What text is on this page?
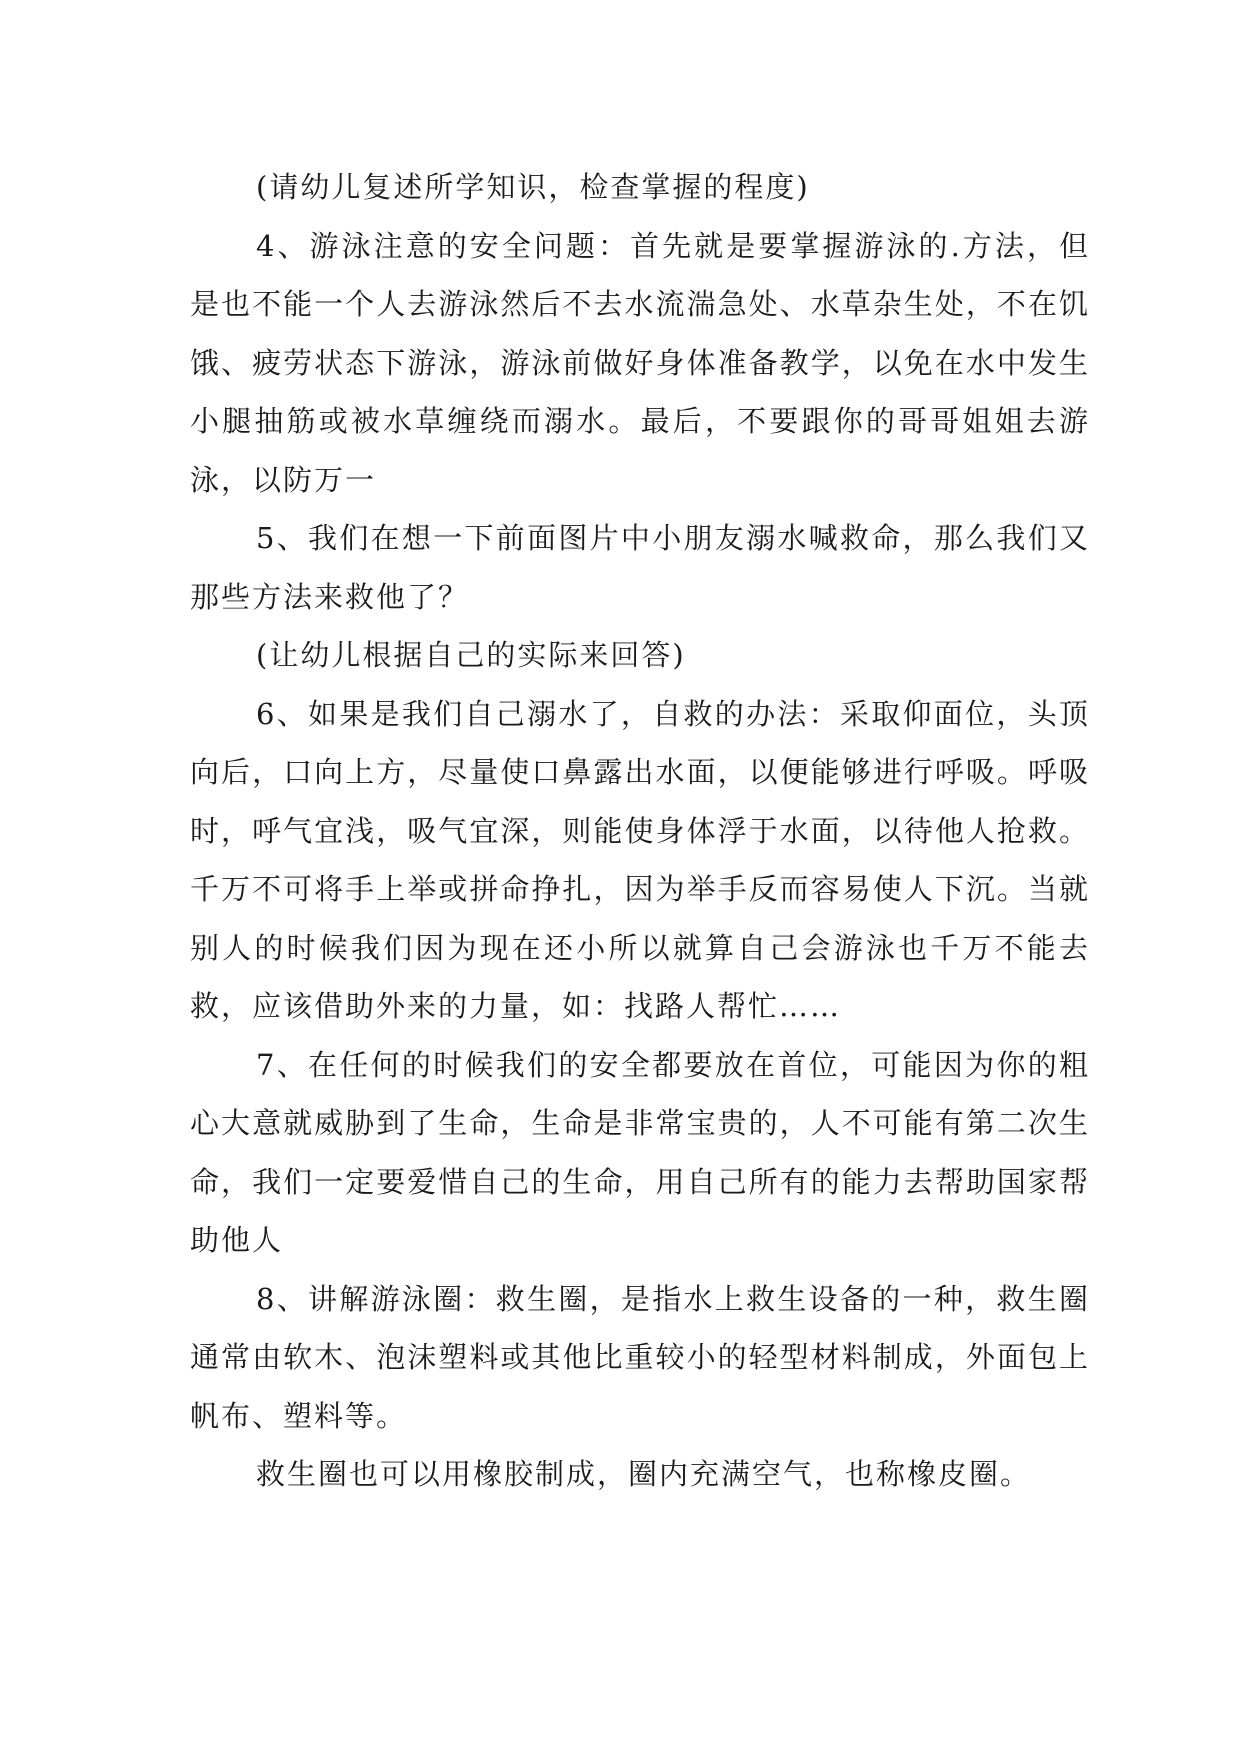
(请幼儿复述所学知识，检查掌握的程度)

4、游泳注意的安全问题：首先就是要掌握游泳的.方法，但是也不能一个人去游泳然后不去水流湍急处、水草杂生处，不在饥饿、疲劳状态下游泳，游泳前做好身体准备教学，以免在水中发生小腿抽筋或被水草缠绕而溺水。最后，不要跟你的哥哥姐姐去游泳，以防万一

5、我们在想一下前面图片中小朋友溺水喊救命，那么我们又那些方法来救他了？

(让幼儿根据自己的实际来回答)

6、如果是我们自己溺水了，自救的办法：采取仰面位，头顶向后，口向上方，尽量使口鼻露出水面，以便能够进行呼吸。呼吸时，呼气宜浅，吸气宜深，则能使身体浮于水面，以待他人抢救。千万不可将手上举或拼命挣扎，因为举手反而容易使人下沉。当就别人的时候我们因为现在还小所以就算自己会游泳也千万不能去救，应该借助外来的力量，如：找路人帮忙……

7、在任何的时候我们的安全都要放在首位，可能因为你的粗心大意就威胁到了生命，生命是非常宝贵的，人不可能有第二次生命，我们一定要爱惜自己的生命，用自己所有的能力去帮助国家帮助他人

8、讲解游泳圈：救生圈，是指水上救生设备的一种，救生圈通常由软木、泡沫塑料或其他比重较小的轻型材料制成，外面包上帆布、塑料等。

救生圈也可以用橡胶制成，圈内充满空气，也称橡皮圈。
